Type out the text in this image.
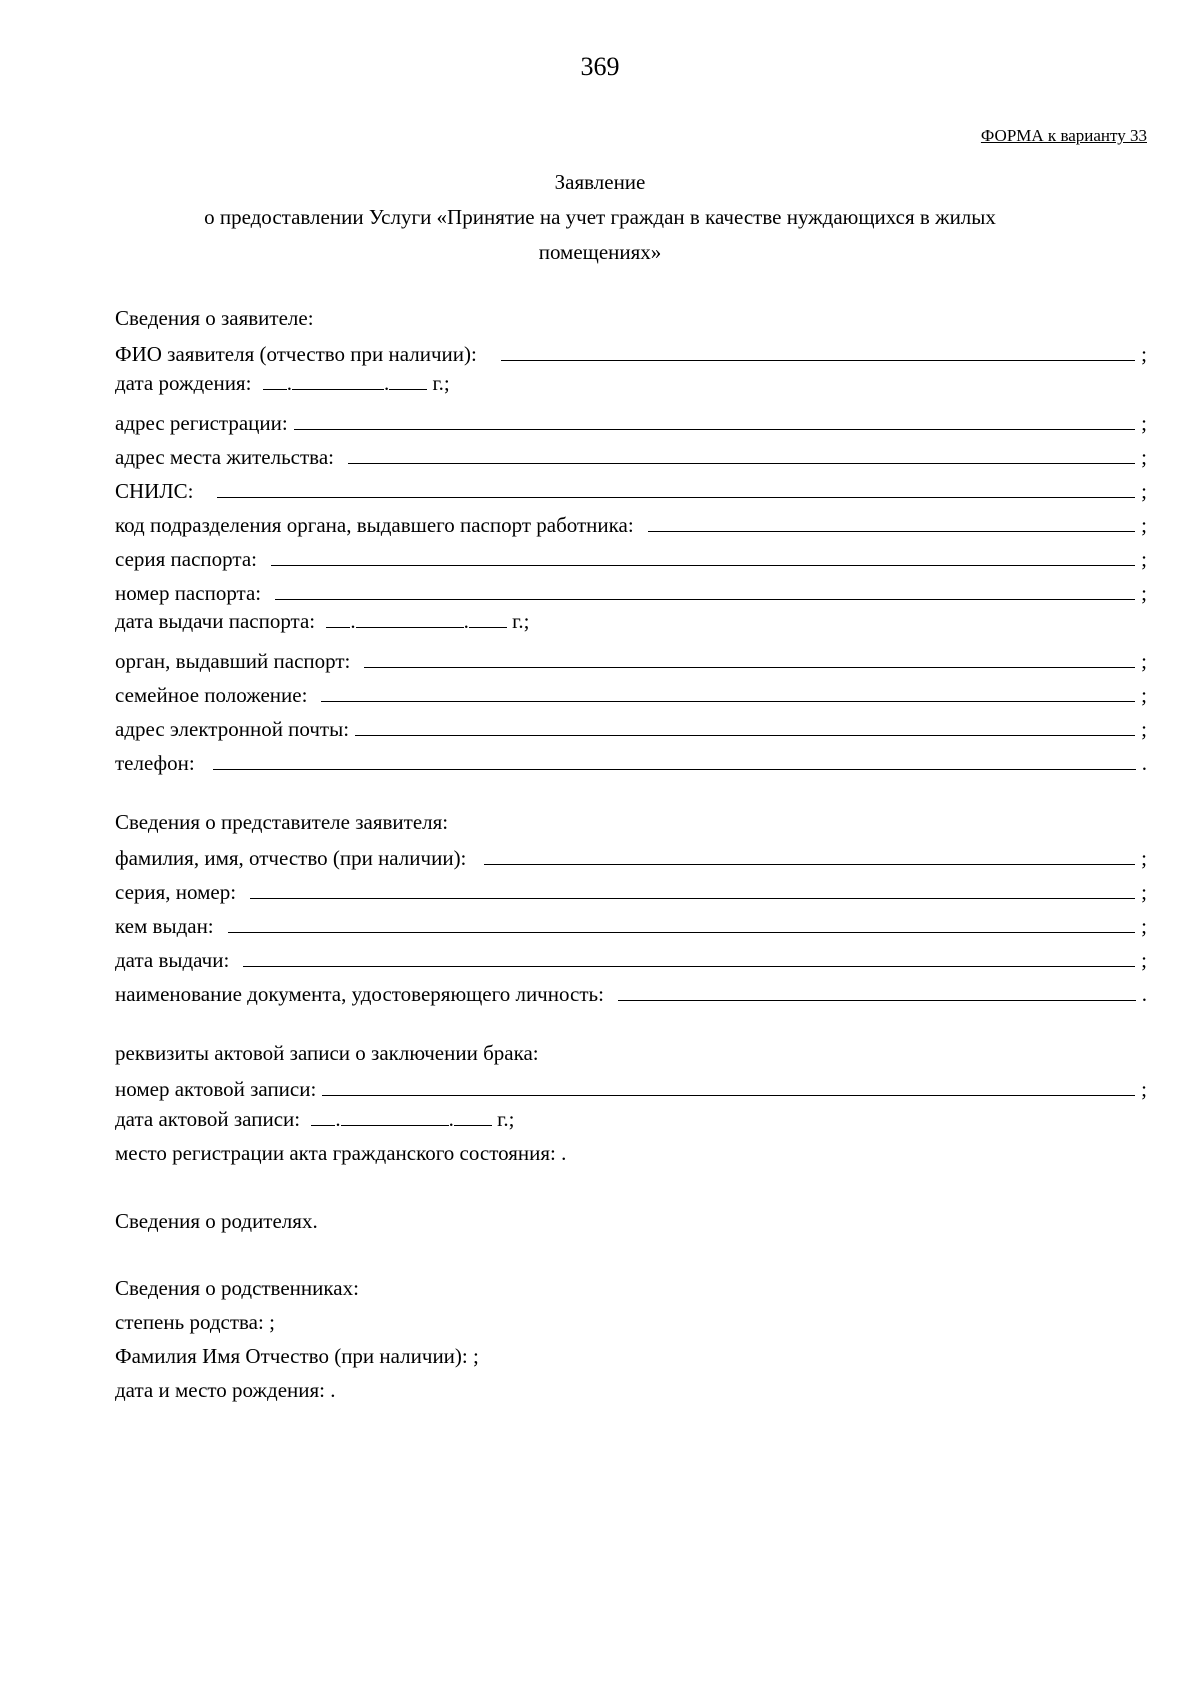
369
ФОРМА к варианту 33
Заявление
о предоставлении Услуги «Принятие на учет граждан в качестве нуждающихся в жилых
помещениях»
Сведения о заявителе:
ФИО заявителя (отчество при наличии):	;
дата рождения: .	. г.;
адрес регистрации:	;
адрес места жительства:	;
СНИЛС:	;
код подразделения органа, выдавшего паспорт работника:	;
серия паспорта:	;
номер паспорта:	;
дата выдачи паспорта: .	. г.;
орган, выдавший паспорт:	;
семейное положение:	;
адрес электронной почты:	;
телефон:	.
Сведения о представителе заявителя:
фамилия, имя, отчество (при наличии):	;
серия, номер:	;
кем выдан:	;
дата выдачи:	;
наименование документа, удостоверяющего личность:	.
реквизиты актовой записи о заключении брака:
номер актовой записи:	;
дата актовой записи: .	. г.;
место регистрации акта гражданского состояния: .
Сведения о родителях.
Сведения о родственниках:
степень родства: ;
Фамилия Имя Отчество (при наличии): ;
дата и место рождения: .
